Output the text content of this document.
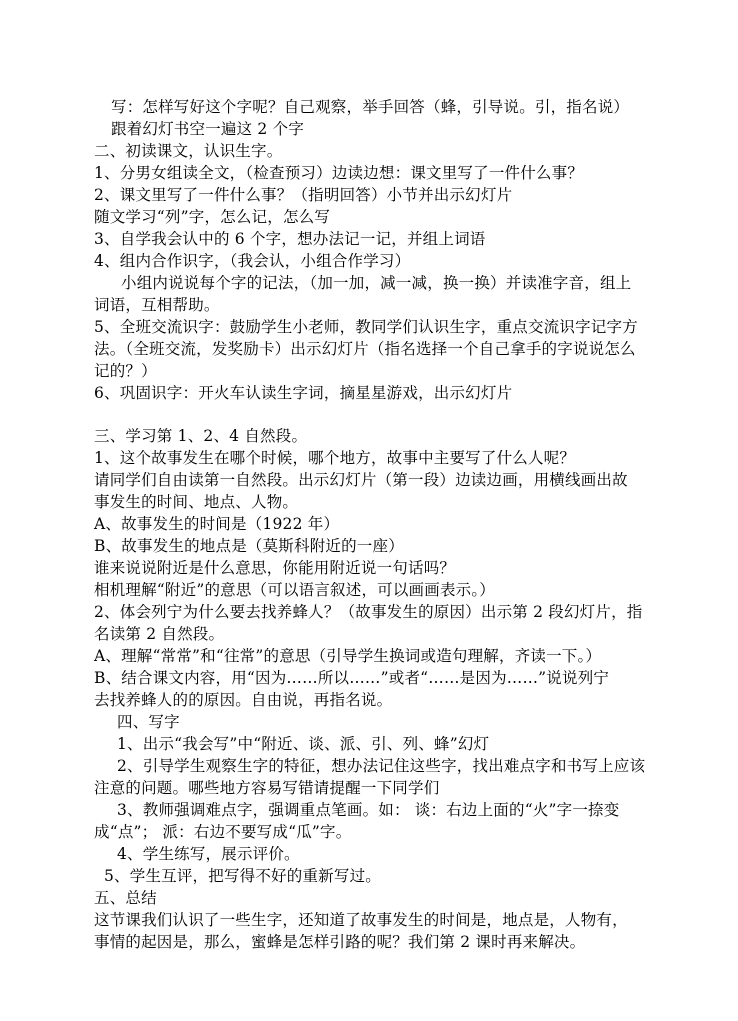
写：怎样写好这个字呢？自己观察，举手回答（蜂，引导说。引，指名说）
跟着幻灯书空一遍这 2 个字
二、初读课文，认识生字。
1、分男女组读全文，（检查预习）边读边想：课文里写了一件什么事？
2、课文里写了一件什么事？（指明回答）小节并出示幻灯片
随文学习“列”字，怎么记，怎么写
3、自学我会认中的 6 个字，想办法记一记，并组上词语
4、组内合作识字，（我会认，小组合作学习）
小组内说说每个字的记法，（加一加，减一减，换一换）并读准字音，组上
词语，互相帮助。
5、全班交流识字：鼓励学生小老师，教同学们认识生字，重点交流识字记字方
法。（全班交流，发奖励卡）出示幻灯片（指名选择一个自己拿手的字说说怎么
记的？）
6、巩固识字：开火车认读生字词，摘星星游戏，出示幻灯片
三、学习第 1、2、4 自然段。
1、这个故事发生在哪个时候，哪个地方，故事中主要写了什么人呢？
请同学们自由读第一自然段。出示幻灯片（第一段）边读边画，用横线画出故
事发生的时间、地点、人物。
A、故事发生的时间是（1922 年）
B、故事发生的地点是（莫斯科附近的一座）
谁来说说附近是什么意思，你能用附近说一句话吗？
相机理解“附近”的意思（可以语言叙述，可以画画表示。）
2、体会列宁为什么要去找养蜂人？（故事发生的原因）出示第 2 段幻灯片，指
名读第 2 自然段。
A、理解“常常”和“往常”的意思（引导学生换词或造句理解，齐读一下。）
B、结合课文内容，用“因为……所以……”或者“……是因为……”说说列宁
去找养蜂人的的原因。自由说，再指名说。
四、写字
1、出示“我会写”中“附近、谈、派、引、列、蜂”幻灯
2、引导学生观察生字的特征，想办法记住这些字，找出难点字和书写上应该
注意的问题。哪些地方容易写错请提醒一下同学们
3、教师强调难点字，强调重点笔画。如： 谈：右边上面的“火”字一捺变
成“点”； 派：右边不要写成“瓜”字。
4、学生练写，展示评价。
5、学生互评，把写得不好的重新写过。
五、总结
这节课我们认识了一些生字，还知道了故事发生的时间是，地点是，人物有，
事情的起因是，那么，蜜蜂是怎样引路的呢？我们第 2 课时再来解决。
